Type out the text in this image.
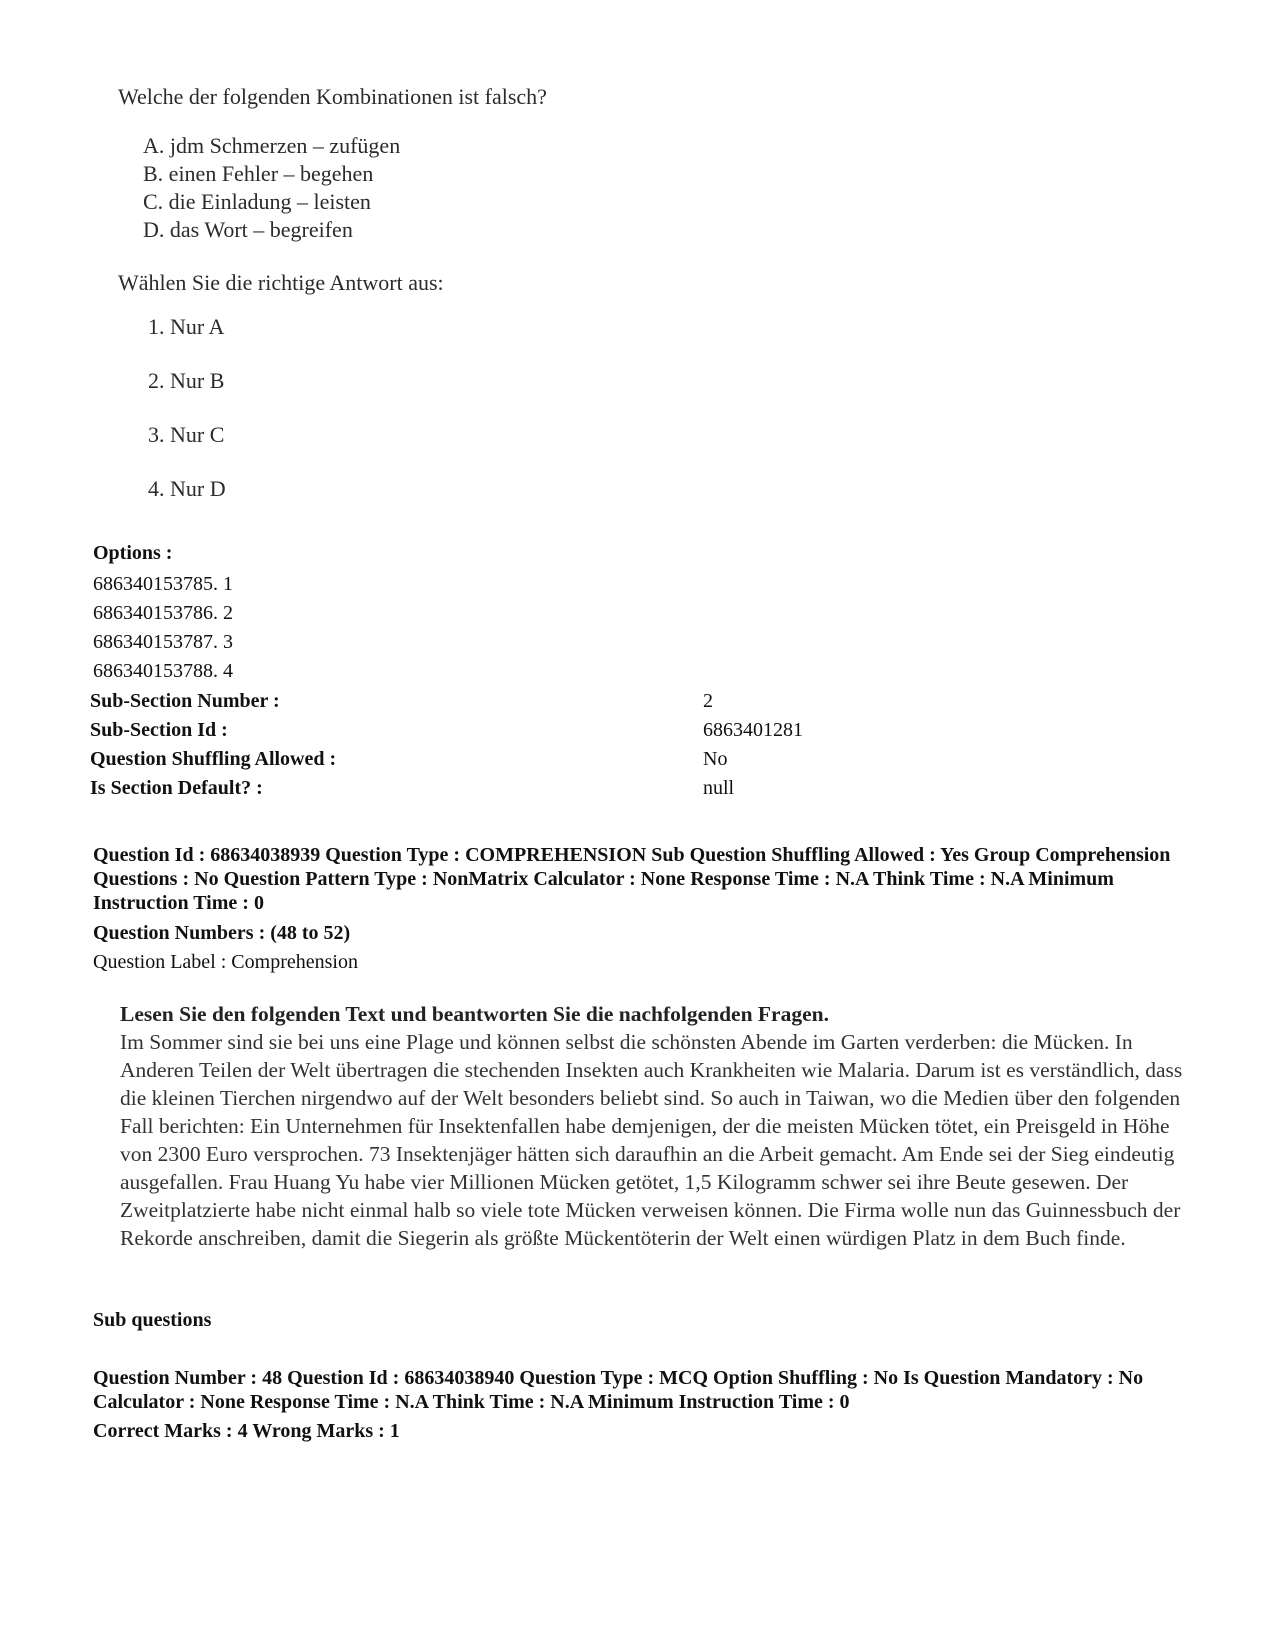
Welche der folgenden Kombinationen ist falsch?
A. jdm Schmerzen – zufügen
B. einen Fehler – begehen
C. die Einladung – leisten
D. das Wort – begreifen
Wählen Sie die richtige Antwort aus:
1. Nur A
2. Nur B
3. Nur C
4. Nur D
Options :
686340153785. 1
686340153786. 2
686340153787. 3
686340153788. 4
Sub-Section Number :	2
Sub-Section Id :	6863401281
Question Shuffling Allowed :	No
Is Section Default? :	null
Question Id : 68634038939 Question Type : COMPREHENSION Sub Question Shuffling Allowed : Yes Group Comprehension Questions : No Question Pattern Type : NonMatrix Calculator : None Response Time : N.A Think Time : N.A Minimum Instruction Time : 0
Question Numbers : (48 to 52)
Question Label : Comprehension
Lesen Sie den folgenden Text und beantworten Sie die nachfolgenden Fragen.
Im Sommer sind sie bei uns eine Plage und können selbst die schönsten Abende im Garten verderben: die Mücken. In Anderen Teilen der Welt übertragen die stechenden Insekten auch Krankheiten wie Malaria. Darum ist es verständlich, dass die kleinen Tierchen nirgendwo auf der Welt besonders beliebt sind. So auch in Taiwan, wo die Medien über den folgenden Fall berichten: Ein Unternehmen für Insektenfallen habe demjenigen, der die meisten Mücken tötet, ein Preisgeld in Höhe von 2300 Euro versprochen. 73 Insektenjäger hätten sich daraufhin an die Arbeit gemacht. Am Ende sei der Sieg eindeutig ausgefallen. Frau Huang Yu habe vier Millionen Mücken getötet, 1,5 Kilogramm schwer sei ihre Beute gesewen. Der Zweitplatzierte habe nicht einmal halb so viele tote Mücken verweisen können. Die Firma wolle nun das Guinnessbuch der Rekorde anschreiben, damit die Siegerin als größte Mückentöterin der Welt einen würdigen Platz in dem Buch finde.
Sub questions
Question Number : 48 Question Id : 68634038940 Question Type : MCQ Option Shuffling : No Is Question Mandatory : No Calculator : None Response Time : N.A Think Time : N.A Minimum Instruction Time : 0
Correct Marks : 4 Wrong Marks : 1
